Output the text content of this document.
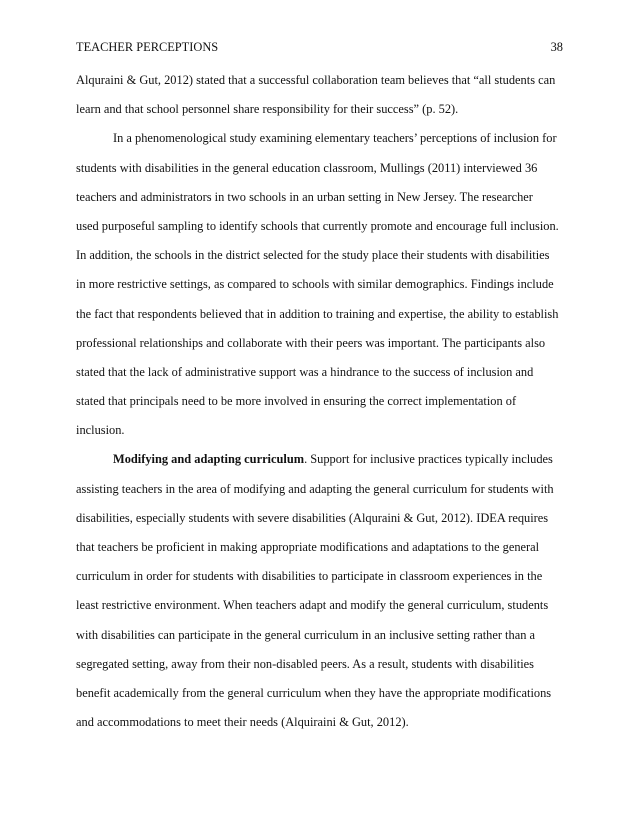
TEACHER PERCEPTIONS	38
Alquraini & Gut, 2012) stated that a successful collaboration team believes that “all students can
learn and that school personnel share responsibility for their success” (p. 52).
In a phenomenological study examining elementary teachers’ perceptions of inclusion for
students with disabilities in the general education classroom, Mullings (2011) interviewed 36
teachers and administrators in two schools in an urban setting in New Jersey. The researcher
used purposeful sampling to identify schools that currently promote and encourage full inclusion.
In addition, the schools in the district selected for the study place their students with disabilities
in more restrictive settings, as compared to schools with similar demographics. Findings include
the fact that respondents believed that in addition to training and expertise, the ability to establish
professional relationships and collaborate with their peers was important. The participants also
stated that the lack of administrative support was a hindrance to the success of inclusion and
stated that principals need to be more involved in ensuring the correct implementation of
inclusion.
Modifying and adapting curriculum. Support for inclusive practices typically includes
assisting teachers in the area of modifying and adapting the general curriculum for students with
disabilities, especially students with severe disabilities (Alquraini & Gut, 2012). IDEA requires
that teachers be proficient in making appropriate modifications and adaptations to the general
curriculum in order for students with disabilities to participate in classroom experiences in the
least restrictive environment. When teachers adapt and modify the general curriculum, students
with disabilities can participate in the general curriculum in an inclusive setting rather than a
segregated setting, away from their non-disabled peers. As a result, students with disabilities
benefit academically from the general curriculum when they have the appropriate modifications
and accommodations to meet their needs (Alquiraini & Gut, 2012).
